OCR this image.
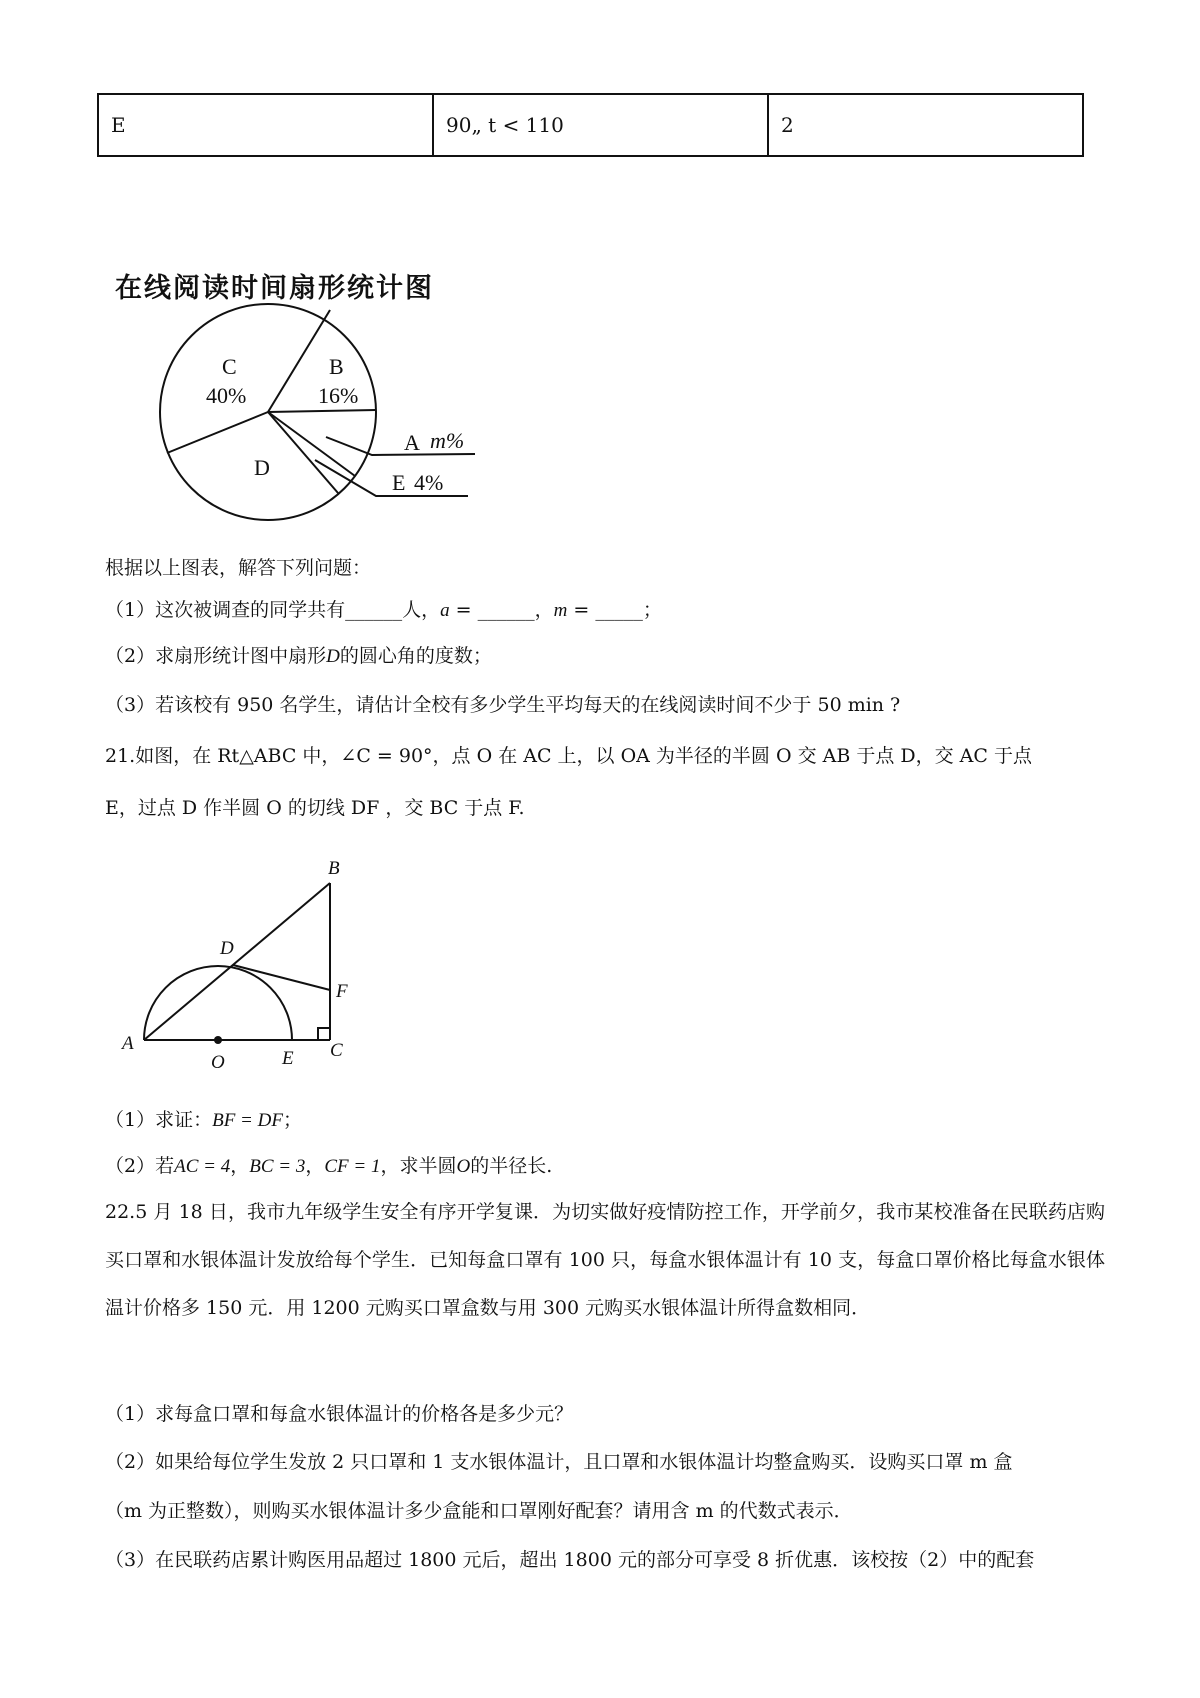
E	90„ t < 110	2
在线阅读时间扇形统计图
C
40%
B
16%
D
A m%
E 4%
根据以上图表，解答下列问题：
（1）这次被调查的同学共有______人，a = ______，m = _____；
（2）求扇形统计图中扇形D的圆心角的度数；
（3）若该校有 950 名学生，请估计全校有多少学生平均每天的在线阅读时间不少于 50 min ?
21.如图，在 Rt△ABC 中，∠C = 90°，点 O 在 AC 上，以 OA 为半径的半圆 O 交 AB 于点 D，交 AC 于点
E，过点 D 作半圆 O 的切线 DF ，交 BC 于点 F.
B
D
F
A
O	E C
（1）求证：BF = DF；
（2）若AC = 4，BC = 3，CF = 1，求半圆O的半径长.
22.5 月 18 日，我市九年级学生安全有序开学复课．为切实做好疫情防控工作，开学前夕，我市某校准备在民联药店购买口罩和水银体温计发放给每个学生．已知每盒口罩有 100 只，每盒水银体温计有 10 支，每盒口罩价格比每盒水银体温计价格多 150 元．用 1200 元购买口罩盒数与用 300 元购买水银体温计所得盒数相同．
（1）求每盒口罩和每盒水银体温计的价格各是多少元？
（2）如果给每位学生发放 2 只口罩和 1 支水银体温计，且口罩和水银体温计均整盒购买．设购买口罩 m 盒
（m 为正整数），则购买水银体温计多少盒能和口罩刚好配套？请用含 m 的代数式表示．
（3）在民联药店累计购医用品超过 1800 元后，超出 1800 元的部分可享受 8 折优惠．该校按（2）中的配套
